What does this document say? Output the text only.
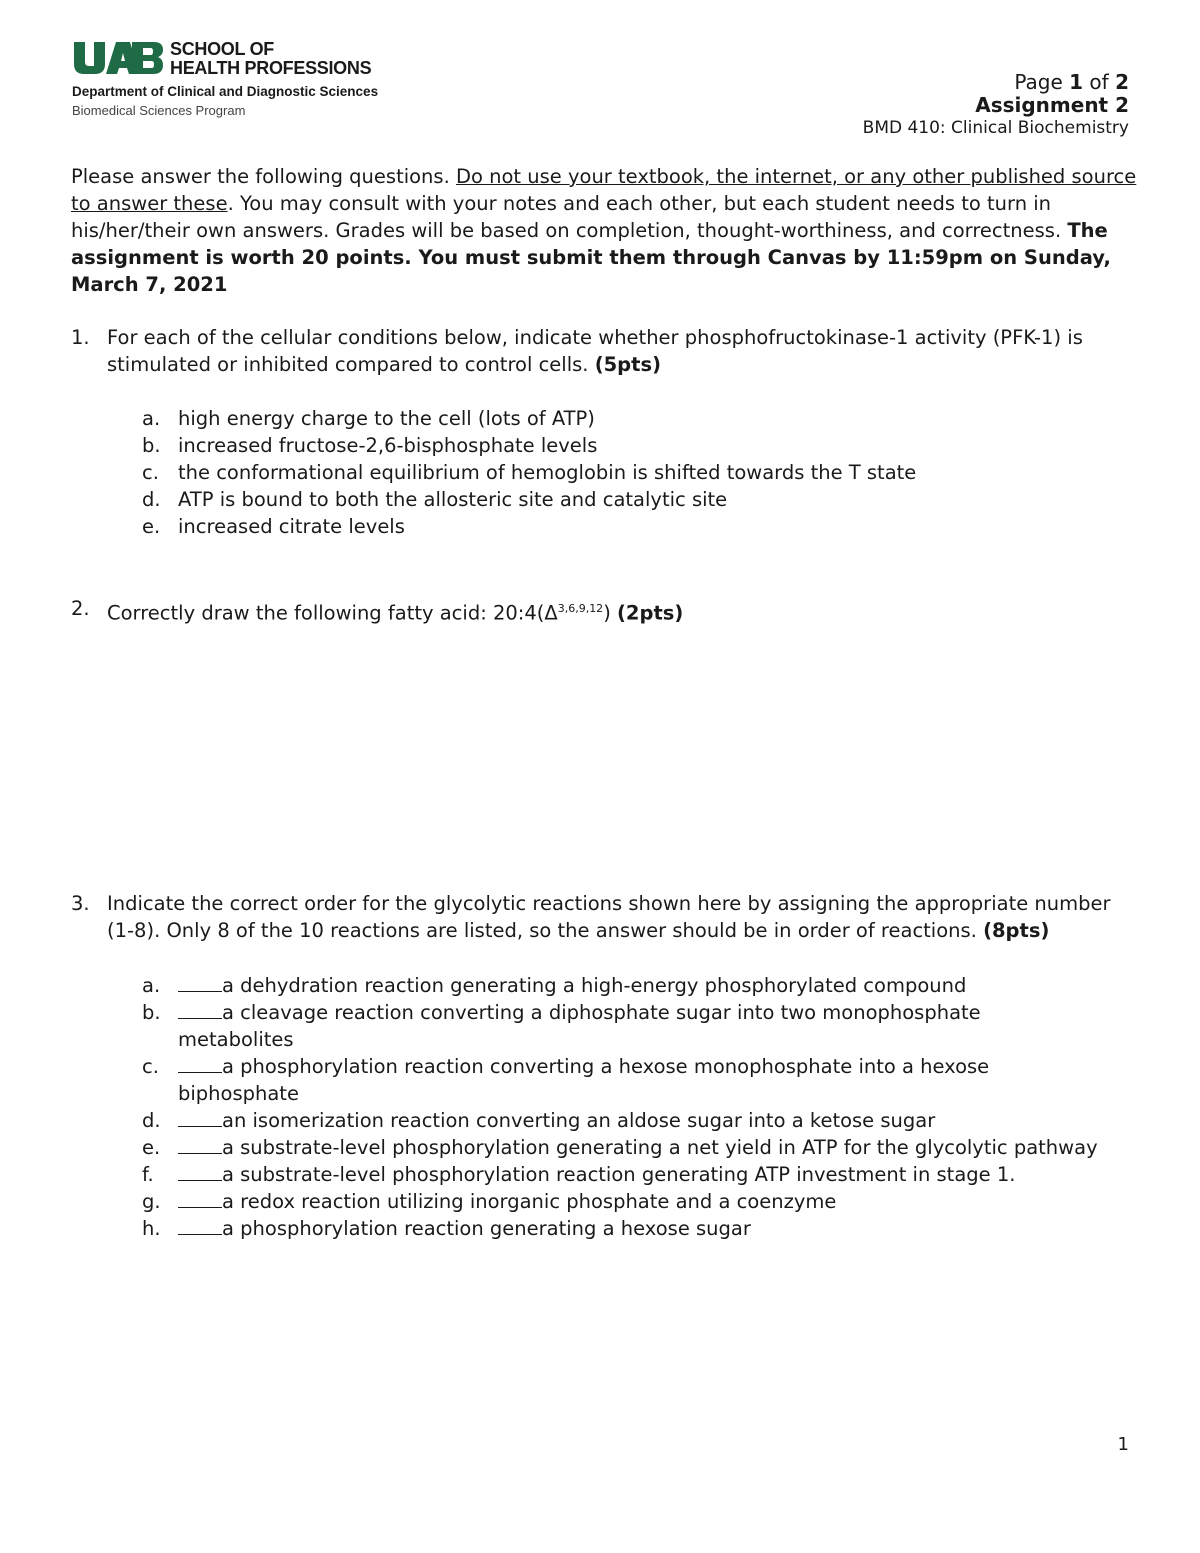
SCHOOL OF
HEALTH PROFESSIONS
Department of Clinical and Diagnostic Sciences
Biomedical Sciences Program
Page 1 of 2
Assignment 2
BMD 410: Clinical Biochemistry
Please answer the following questions. Do not use your textbook, the internet, or any other published source to answer these. You may consult with your notes and each other, but each student needs to turn in his/her/their own answers. Grades will be based on completion, thought-worthiness, and correctness. The assignment is worth 20 points. You must submit them through Canvas by 11:59pm on Sunday, March 7, 2021
1. For each of the cellular conditions below, indicate whether phosphofructokinase-1 activity (PFK-1) is stimulated or inhibited compared to control cells. (5pts)
a. high energy charge to the cell (lots of ATP)
b. increased fructose-2,6-bisphosphate levels
c. the conformational equilibrium of hemoglobin is shifted towards the T state
d. ATP is bound to both the allosteric site and catalytic site
e. increased citrate levels
2. Correctly draw the following fatty acid: $20:4(\Delta^{3,6,9,12})$ (2pts)
3. Indicate the correct order for the glycolytic reactions shown here by assigning the appropriate number (1-8). Only 8 of the 10 reactions are listed, so the answer should be in order of reactions. (8pts)
a.	a dehydration reaction generating a high-energy phosphorylated compound
b.	a cleavage reaction converting a diphosphate sugar into two monophosphate metabolites
c.	a phosphorylation reaction converting a hexose monophosphate into a hexose biphosphate
d.	an isomerization reaction converting an aldose sugar into a ketose sugar
e.	a substrate-level phosphorylation generating a net yield in ATP for the glycolytic pathway
f.	a substrate-level phosphorylation reaction generating ATP investment in stage 1.
g.	a redox reaction utilizing inorganic phosphate and a coenzyme
h.	a phosphorylation reaction generating a hexose sugar
1
